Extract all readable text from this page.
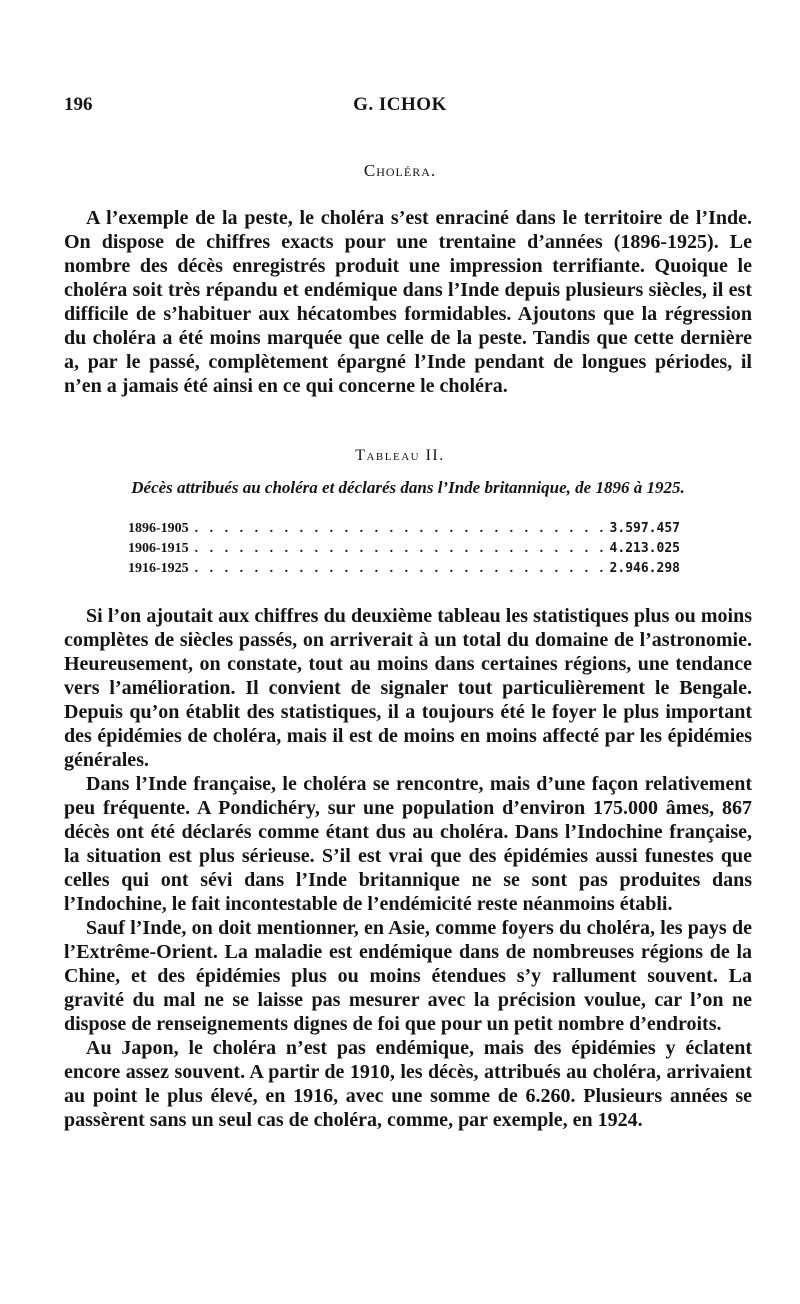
196	G. ICHOK
Choléra.

A l’exemple de la peste, le choléra s’est enraciné dans le territoire de l’Inde. On dispose de chiffres exacts pour une trentaine d’années (1896-1925). Le nombre des décès enregistrés produit une impression terrifiante. Quoique le choléra soit très répandu et endémique dans l’Inde depuis plusieurs siècles, il est difficile de s’habituer aux hécatombes formidables. Ajoutons que la régression du choléra a été moins marquée que celle de la peste. Tandis que cette dernière a, par le passé, complètement épargné l’Inde pendant de longues périodes, il n’en a jamais été ainsi en ce qui concerne le choléra.

Tableau II.
Décès attribués au choléra et déclarés dans l’Inde britannique, de 1896 à 1925.
1896-1905 . . .	3.597.457
1906-1915 . . .	4.213.025
1916-1925 . . .	2.946.298

Si l’on ajoutait aux chiffres du deuxième tableau les statistiques plus ou moins complètes de siècles passés, on arriverait à un total du domaine de l’astronomie. Heureusement, on constate, tout au moins dans certaines régions, une tendance vers l’amélioration. Il convient de signaler tout particulièrement le Bengale. Depuis qu’on établit des statistiques, il a toujours été le foyer le plus important des épidémies de choléra, mais il est de moins en moins affecté par les épidémies générales.

Dans l’Inde française, le choléra se rencontre, mais d’une façon relativement peu fréquente. A Pondichéry, sur une population d’environ 175.000 âmes, 867 décès ont été déclarés comme étant dus au choléra. Dans l’Indochine française, la situation est plus sérieuse. S’il est vrai que des épidémies aussi funestes que celles qui ont sévi dans l’Inde britannique ne se sont pas produites dans l’Indochine, le fait incontestable de l’endémicité reste néanmoins établi.

Sauf l’Inde, on doit mentionner, en Asie, comme foyers du choléra, les pays de l’Extrême-Orient. La maladie est endémique dans de nombreuses régions de la Chine, et des épidémies plus ou moins étendues s’y rallument souvent. La gravité du mal ne se laisse pas mesurer avec la précision voulue, car l’on ne dispose de renseignements dignes de foi que pour un petit nombre d’endroits.

Au Japon, le choléra n’est pas endémique, mais des épidémies y éclatent encore assez souvent. A partir de 1910, les décès, attribués au choléra, arrivaient au point le plus élevé, en 1916, avec une somme de 6.260. Plusieurs années se passèrent sans un seul cas de choléra, comme, par exemple, en 1924.
